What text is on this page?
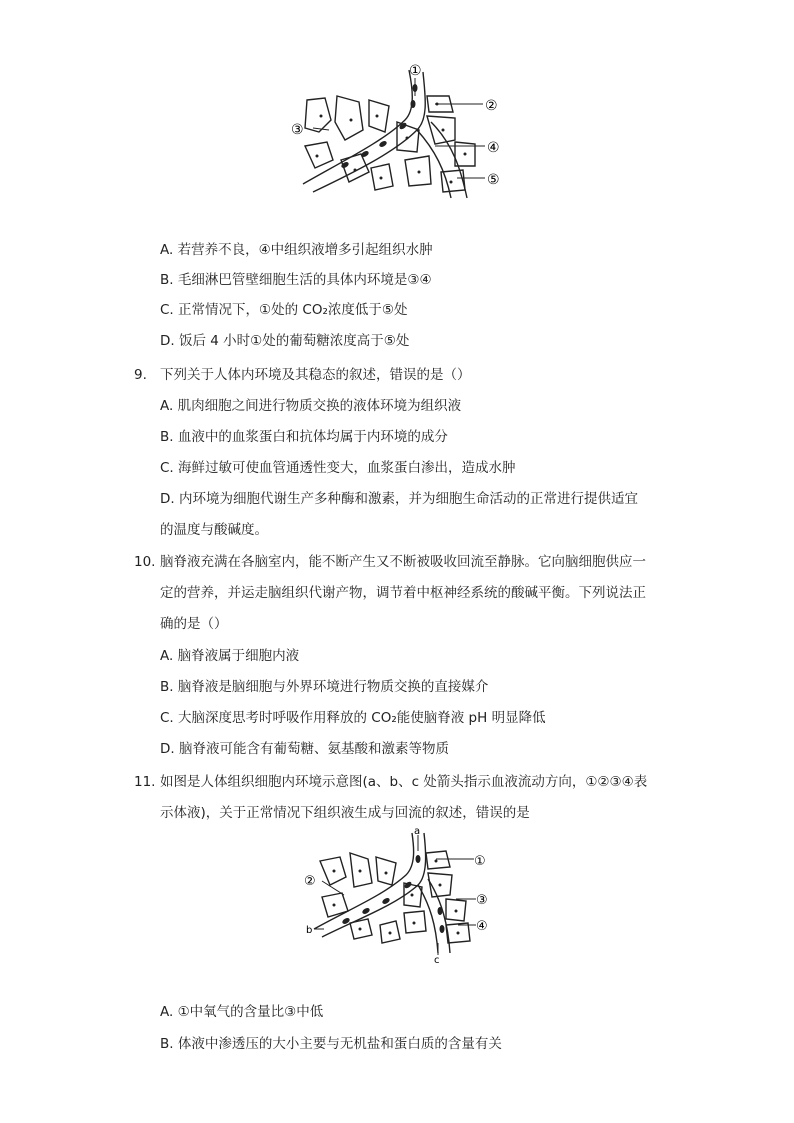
①
②
③
④
⑤
A. 若营养不良，④中组织液增多引起组织水肿
B. 毛细淋巴管壁细胞生活的具体内环境是③④
C. 正常情况下，①处的 CO₂浓度低于⑤处
D. 饭后 4 小时①处的葡萄糖浓度高于⑤处
9. 下列关于人体内环境及其稳态的叙述，错误的是（）
A. 肌肉细胞之间进行物质交换的液体环境为组织液
B. 血液中的血浆蛋白和抗体均属于内环境的成分
C. 海鲜过敏可使血管通透性变大，血浆蛋白渗出，造成水肿
D. 内环境为细胞代谢生产多种酶和激素，并为细胞生命活动的正常进行提供适宜
的温度与酸碱度。
10. 脑脊液充满在各脑室内，能不断产生又不断被吸收回流至静脉。它向脑细胞供应一
定的营养，并运走脑组织代谢产物，调节着中枢神经系统的酸碱平衡。下列说法正
确的是（）
A. 脑脊液属于细胞内液
B. 脑脊液是脑细胞与外界环境进行物质交换的直接媒介
C. 大脑深度思考时呼吸作用释放的 CO₂能使脑脊液 pH 明显降低
D. 脑脊液可能含有葡萄糖、氨基酸和激素等物质
11. 如图是人体组织细胞内环境示意图(a、b、c 处箭头指示血液流动方向，①②③④表
示体液)，关于正常情况下组织液生成与回流的叙述，错误的是
a
①
②
③
④
b
c
A. ①中氧气的含量比③中低
B. 体液中渗透压的大小主要与无机盐和蛋白质的含量有关
